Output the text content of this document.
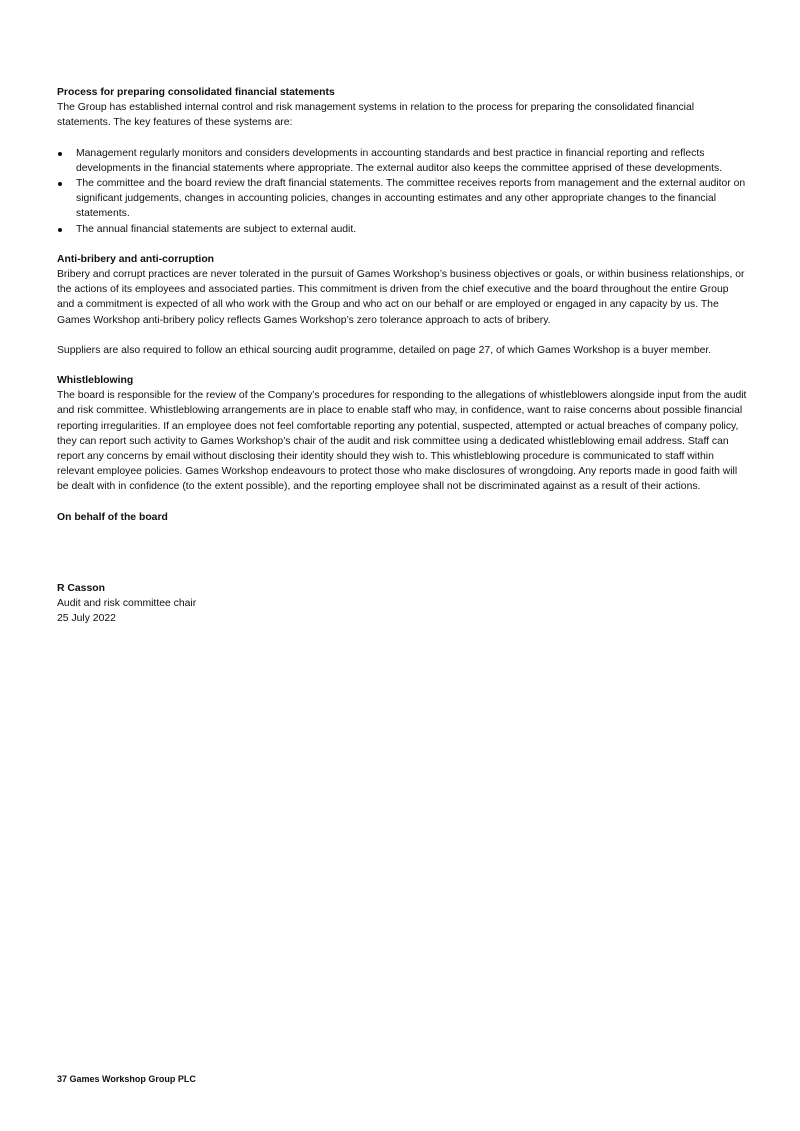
Process for preparing consolidated financial statements

The Group has established internal control and risk management systems in relation to the process for preparing the consolidated financial statements. The key features of these systems are:

Management regularly monitors and considers developments in accounting standards and best practice in financial reporting and reflects developments in the financial statements where appropriate. The external auditor also keeps the committee apprised of these developments.
The committee and the board review the draft financial statements. The committee receives reports from management and the external auditor on significant judgements, changes in accounting policies, changes in accounting estimates and any other appropriate changes to the financial statements.
The annual financial statements are subject to external audit.
Anti-bribery and anti-corruption

Bribery and corrupt practices are never tolerated in the pursuit of Games Workshop’s business objectives or goals, or within business relationships, or the actions of its employees and associated parties. This commitment is driven from the chief executive and the board throughout the entire Group and a commitment is expected of all who work with the Group and who act on our behalf or are employed or engaged in any capacity by us. The Games Workshop anti-bribery policy reflects Games Workshop’s zero tolerance approach to acts of bribery.

Suppliers are also required to follow an ethical sourcing audit programme, detailed on page 27, of which Games Workshop is a buyer member.

Whistleblowing

The board is responsible for the review of the Company’s procedures for responding to the allegations of whistleblowers alongside input from the audit and risk committee. Whistleblowing arrangements are in place to enable staff who may, in confidence, want to raise concerns about possible financial reporting irregularities. If an employee does not feel comfortable reporting any potential, suspected, attempted or actual breaches of company policy, they can report such activity to Games Workshop’s chair of the audit and risk committee using a dedicated whistleblowing email address. Staff can report any concerns by email without disclosing their identity should they wish to. This whistleblowing procedure is communicated to staff within relevant employee policies. Games Workshop endeavours to protect those who make disclosures of wrongdoing. Any reports made in good faith will be dealt with in confidence (to the extent possible), and the reporting employee shall not be discriminated against as a result of their actions.

On behalf of the board

R Casson

Audit and risk committee chair

25 July 2022

37 Games Workshop Group PLC
